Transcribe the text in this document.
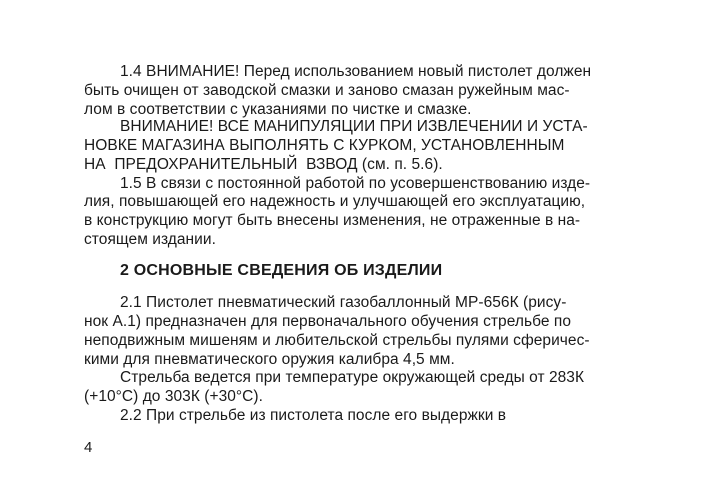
1.4 ВНИМАНИЕ! Перед использованием новый пистолет должен
быть очищен от заводской смазки и заново смазан ружейным мас-
лом в соответствии с указаниями по чистке и смазке.
ВНИМАНИЕ! ВСЕ МАНИПУЛЯЦИИ ПРИ ИЗВЛЕЧЕНИИ И УСТА-
НОВКЕ МАГАЗИНА ВЫПОЛНЯТЬ С КУРКОМ, УСТАНОВЛЕННЫМ
НА  ПРЕДОХРАНИТЕЛЬНЫЙ  ВЗВОД (см. п. 5.6).
1.5 В связи с постоянной работой по усовершенствованию изде-
лия, повышающей его надежность и улучшающей его эксплуатацию,
в конструкцию могут быть внесены изменения, не отраженные в на-
стоящем издании.
2 ОСНОВНЫЕ СВЕДЕНИЯ ОБ ИЗДЕЛИИ
2.1 Пистолет пневматический газобаллонный МР-656К (рису-
нок А.1) предназначен для первоначального обучения стрельбе по
неподвижным мишеням и любительской стрельбы пулями сферичес-
кими для пневматического оружия калибра 4,5 мм.
Стрельба ведется при температуре окружающей среды от 283К
(+10°С) до 303К (+30°С).
2.2 При стрельбе из пистолета после его выдержки в
4
